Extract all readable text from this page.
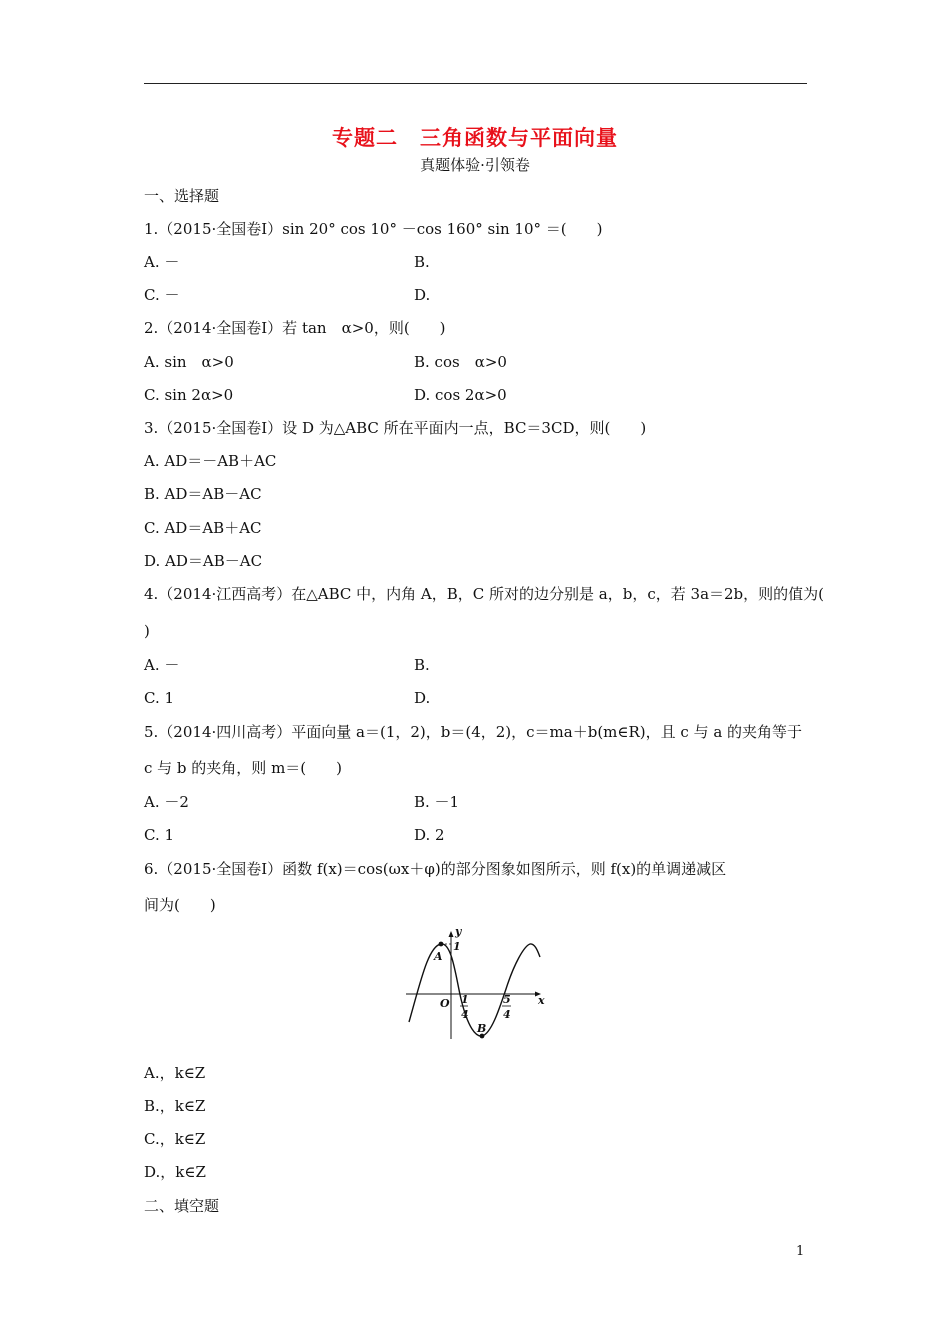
专题二　三角函数与平面向量
真题体验·引领卷
一、选择题
1.（2015·全国卷Ⅰ）sin 20° cos 10° －cos 160° sin 10° ＝(　　)
A. －	B.
C. －	D.
2.（2014·全国卷Ⅰ）若 tan　α>0，则(　　)
A. sin　α>0	B. cos　α>0
C. sin 2α>0	D. cos 2α>0
3.（2015·全国卷Ⅰ）设 D 为△ABC 所在平面内一点，BC＝3CD，则(　　)
A. AD＝－AB＋AC
B. AD＝AB－AC
C. AD＝AB＋AC
D. AD＝AB－AC
4.（2014·江西高考）在△ABC 中，内角 A，B，C 所对的边分别是 a，b，c，若 3a＝2b，则的值为(
)
A. －	B.
C. 1	D.
5.（2014·四川高考）平面向量 a＝(1，2)，b＝(4，2)，c＝ma＋b(m∈R)，且 c 与 a 的夹角等于
c 与 b 的夹角，则 m＝(　　)
A. －2	B. －1
C. 1	D. 2
6.（2015·全国卷Ⅰ）函数 f(x)＝cos(ωx＋φ)的部分图象如图所示，则 f(x)的单调递减区
间为(　　)
y
x
O
1
A
B
1
4
5
4
A.，k∈Z
B.，k∈Z
C.，k∈Z
D.，k∈Z
二、填空题
1
